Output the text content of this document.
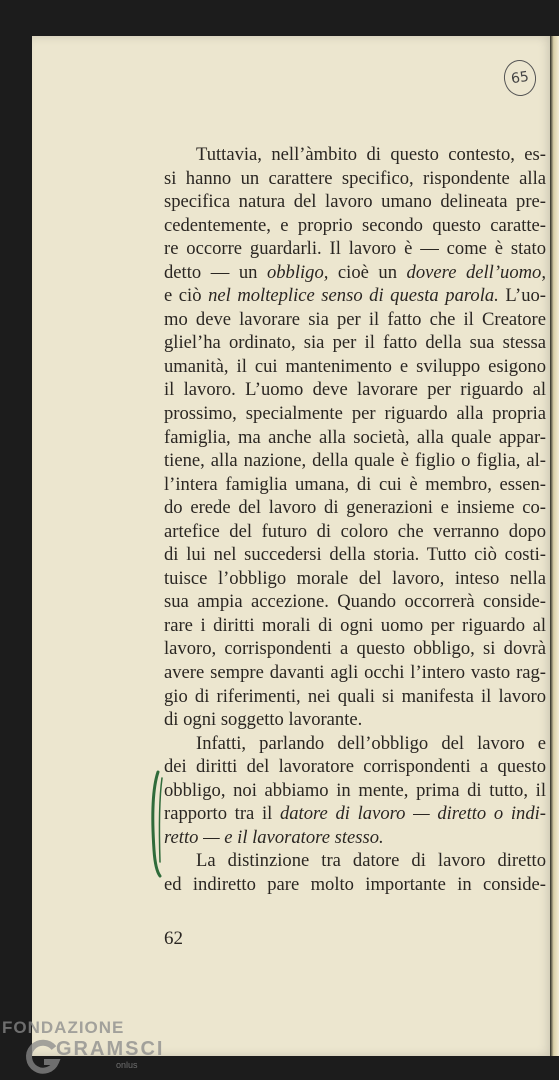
65
Tuttavia, nell’àmbito di questo contesto, es-
si hanno un carattere specifico, rispondente alla
specifica natura del lavoro umano delineata pre-
cedentemente, e proprio secondo questo caratte-
re occorre guardarli. Il lavoro è — come è stato
detto — un obbligo, cioè un dovere dell’uomo,
e ciò nel molteplice senso di questa parola. L’uo-
mo deve lavorare sia per il fatto che il Creatore
glielʼha ordinato, sia per il fatto della sua stessa
umanità, il cui mantenimento e sviluppo esigono
il lavoro. L’uomo deve lavorare per riguardo al
prossimo, specialmente per riguardo alla propria
famiglia, ma anche alla società, alla quale appar-
tiene, alla nazione, della quale è figlio o figlia, al-
l’intera famiglia umana, di cui è membro, essen-
do erede del lavoro di generazioni e insieme co-
artefice del futuro di coloro che verranno dopo
di lui nel succedersi della storia. Tutto ciò costi-
tuisce l’obbligo morale del lavoro, inteso nella
sua ampia accezione. Quando occorrerà conside-
rare i diritti morali di ogni uomo per riguardo al
lavoro, corrispondenti a questo obbligo, si dovrà
avere sempre davanti agli occhi l’intero vasto rag-
gio di riferimenti, nei quali si manifesta il lavoro
di ogni soggetto lavorante.
Infatti, parlando dell’obbligo del lavoro e
dei diritti del lavoratore corrispondenti a questo
obbligo, noi abbiamo in mente, prima di tutto, il
rapporto tra il datore di lavoro — diretto o indi-
retto — e il lavoratore stesso.
La distinzione tra datore di lavoro diretto
ed indiretto pare molto importante in conside-
62
FONDAZIONE
GRAMSCI
onlus
